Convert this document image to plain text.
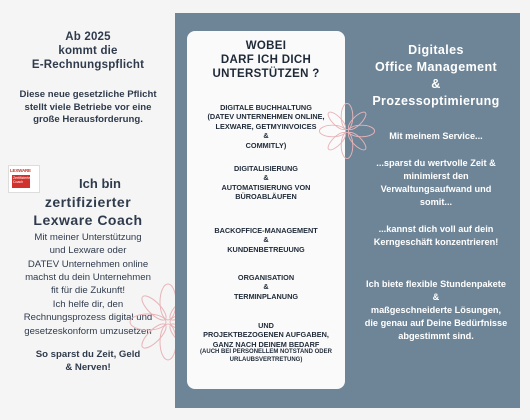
Ab 2025
kommt die
E-Rechnungspflicht
Diese neue gesetzliche Pflicht
stellt viele Betriebe vor eine
große Herausforderung.
LEXWARE
Zertifizierter Coach	Ich bin
zertifizierter
Lexware Coach
Mit meiner Unterstützung
und Lexware oder
DATEV Unternehmen online
machst du dein Unternehmen
fit für die Zukunft!
Ich helfe dir, den
Rechnungsprozess digital und
gesetzeskonform umzusetzen
So sparst du Zeit, Geld
& Nerven!
WOBEI
DARF ICH DICH
UNTERSTÜTZEN ?
DIGITALE BUCHHALTUNG
(DATEV UNTERNEHMEN ONLINE,
LEXWARE, GETMYINVOICES
&
COMMITLY)
DIGITALISIERUNG
&
AUTOMATISIERUNG VON
BÜROABLÄUFEN
BACKOFFICE-MANAGEMENT
&
KUNDENBETREUUNG
ORGANISATION
&
TERMINPLANUNG
UND
PROJEKTBEZOGENEN AUFGABEN,
GANZ NACH DEINEM BEDARF
(AUCH BEI PERSONELLEM NOTSTAND ODER
URLAUBSVERTRETUNG)
Digitales
Office Management
&
Prozessoptimierung
Mit meinem Service...
...sparst du wertvolle Zeit &
minimierst den
Verwaltungsaufwand und
somit...
...kannst dich voll auf dein
Kerngeschäft konzentrieren!
Ich biete flexible Stundenpakete
&
maßgeschneiderte Lösungen,
die genau auf Deine Bedürfnisse
abgestimmt sind.
